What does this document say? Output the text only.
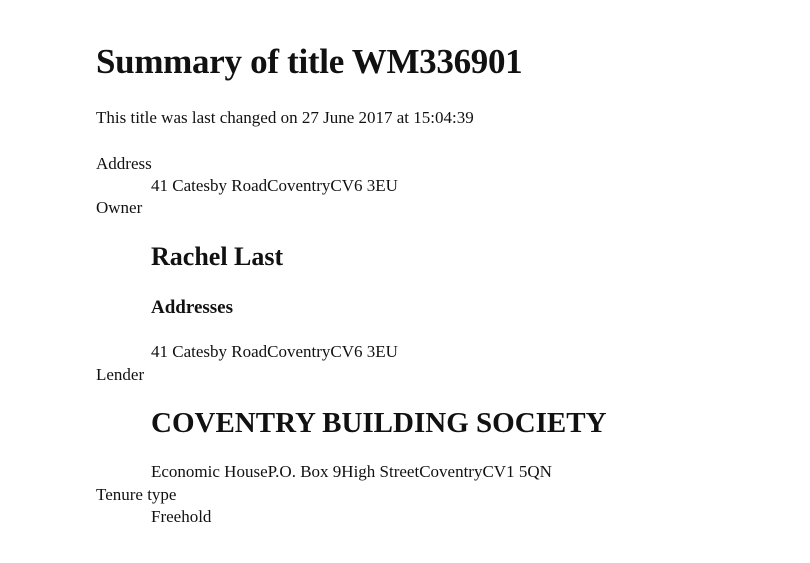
Summary of title WM336901
This title was last changed on 27 June 2017 at 15:04:39
Address
41 Catesby RoadCoventryCV6 3EU
Owner
Rachel Last
Addresses
41 Catesby RoadCoventryCV6 3EU
Lender
COVENTRY BUILDING SOCIETY
Economic HouseP.O. Box 9High StreetCoventryCV1 5QN
Tenure type
Freehold
